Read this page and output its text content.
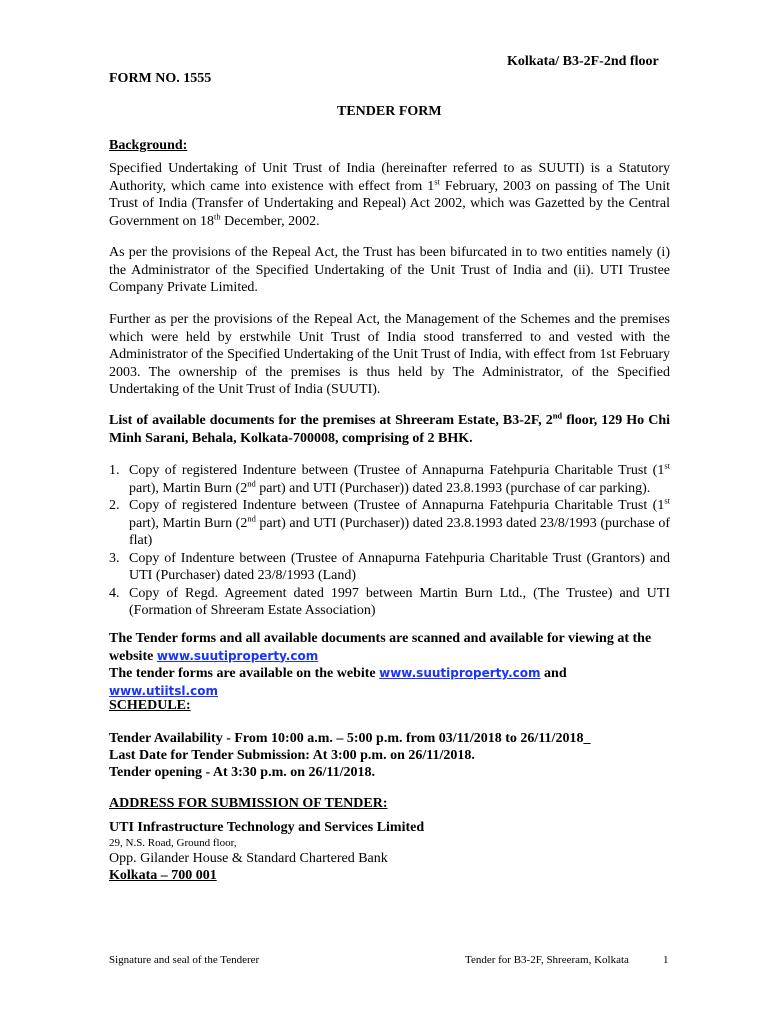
Kolkata/ B3-2F-2nd floor
FORM NO. 1555
TENDER FORM
Background:

Specified Undertaking of Unit Trust of India (hereinafter referred to as SUUTI) is a Statutory Authority, which came into existence with effect from 1st February, 2003 on passing of The Unit Trust of India (Transfer of Undertaking and Repeal) Act 2002, which was Gazetted by the Central Government on 18th December, 2002.

As per the provisions of the Repeal Act, the Trust has been bifurcated in to two entities namely (i) the Administrator of the Specified Undertaking of the Unit Trust of India and (ii). UTI Trustee Company Private Limited.

Further as per the provisions of the Repeal Act, the Management of the Schemes and the premises which were held by erstwhile Unit Trust of India stood transferred to and vested with the Administrator of the Specified Undertaking of the Unit Trust of India, with effect from 1st February 2003. The ownership of the premises is thus held by The Administrator, of the Specified Undertaking of the Unit Trust of India (SUUTI).

List of available documents for the premises at Shreeram Estate, B3-2F, 2nd floor, 129 Ho Chi Minh Sarani, Behala, Kolkata-700008, comprising of 2 BHK.

1. Copy of registered Indenture between (Trustee of Annapurna Fatehpuria Charitable Trust (1st part), Martin Burn (2nd part) and UTI (Purchaser)) dated 23.8.1993 (purchase of car parking).
2. Copy of registered Indenture between (Trustee of Annapurna Fatehpuria Charitable Trust (1st part), Martin Burn (2nd part) and UTI (Purchaser)) dated 23.8.1993 dated 23/8/1993 (purchase of flat)
3. Copy of Indenture between (Trustee of Annapurna Fatehpuria Charitable Trust (Grantors) and UTI (Purchaser) dated 23/8/1993 (Land)
4. Copy of Regd. Agreement dated 1997 between Martin Burn Ltd., (The Trustee) and UTI (Formation of Shreeram Estate Association)

The Tender forms and all available documents are scanned and available for viewing at the website www.suutiproperty.com
The tender forms are available on the webite www.suutiproperty.com and www.utiitsl.com

SCHEDULE:
Tender Availability - From 10:00 a.m. – 5:00 p.m. from 03/11/2018 to 26/11/2018_
Last Date for Tender Submission: At 3:00 p.m. on 26/11/2018.
Tender opening - At 3:30 p.m. on 26/11/2018.
ADDRESS FOR SUBMISSION OF TENDER:
UTI Infrastructure Technology and Services Limited
29, N.S. Road, Ground floor,
Opp. Gilander House & Standard Chartered Bank
Kolkata – 700 001
Signature and seal of the Tenderer	Tender for B3-2F, Shreeram, Kolkata	1
